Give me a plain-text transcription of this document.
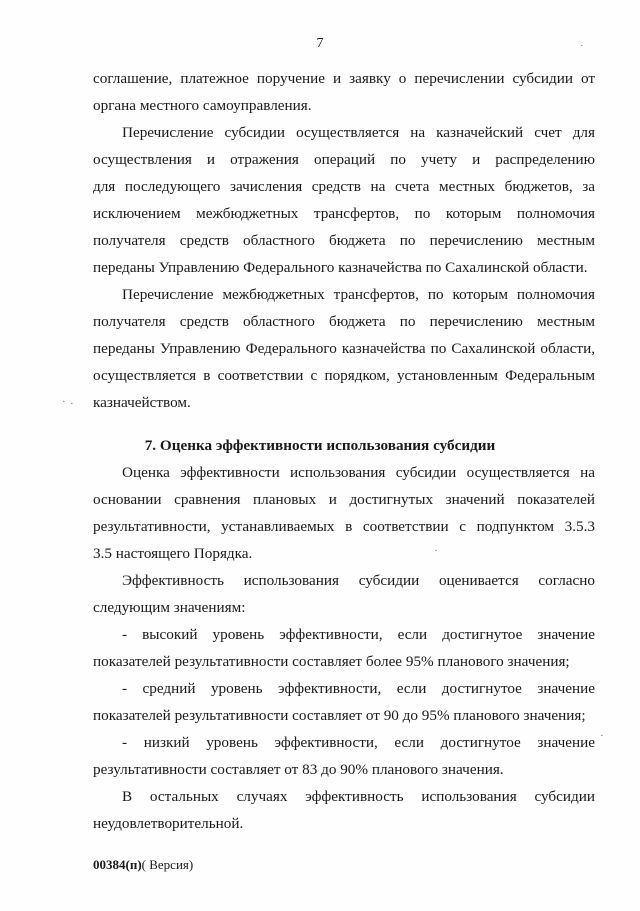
7
соглашение, платежное поручение и заявку о перечислении субсидии от
органа местного самоуправления.
Перечисление субсидии осуществляется на казначейский счет для
осуществления и отражения операций по учету и распределению
для последующего зачисления средств на счета местных бюджетов, за
исключением межбюджетных трансфертов, по которым полномочия
получателя средств областного бюджета по перечислению местным
переданы Управлению Федерального казначейства по Сахалинской области.
Перечисление межбюджетных трансфертов, по которым полномочия
получателя средств областного бюджета по перечислению местным
переданы Управлению Федерального казначейства по Сахалинской области,
осуществляется в соответствии с порядком, установленным Федеральным
казначейством.
7. Оценка эффективности использования субсидии
Оценка эффективности использования субсидии осуществляется на
основании сравнения плановых и достигнутых значений показателей
результативности, устанавливаемых в соответствии с подпунктом 3.5.3
3.5 настоящего Порядка.
Эффективность использования субсидии оценивается согласно
следующим значениям:
- высокий уровень эффективности, если достигнутое значение
показателей результативности составляет более 95% планового значения;
- средний уровень эффективности, если достигнутое значение
показателей результативности составляет от 90 до 95% планового значения;
- низкий уровень эффективности, если достигнутое значение
результативности составляет от 83 до 90% планового значения.
В остальных случаях эффективность использования субсидии
неудовлетворительной.
00384(п)( Версия)
· ·
·
·
·
